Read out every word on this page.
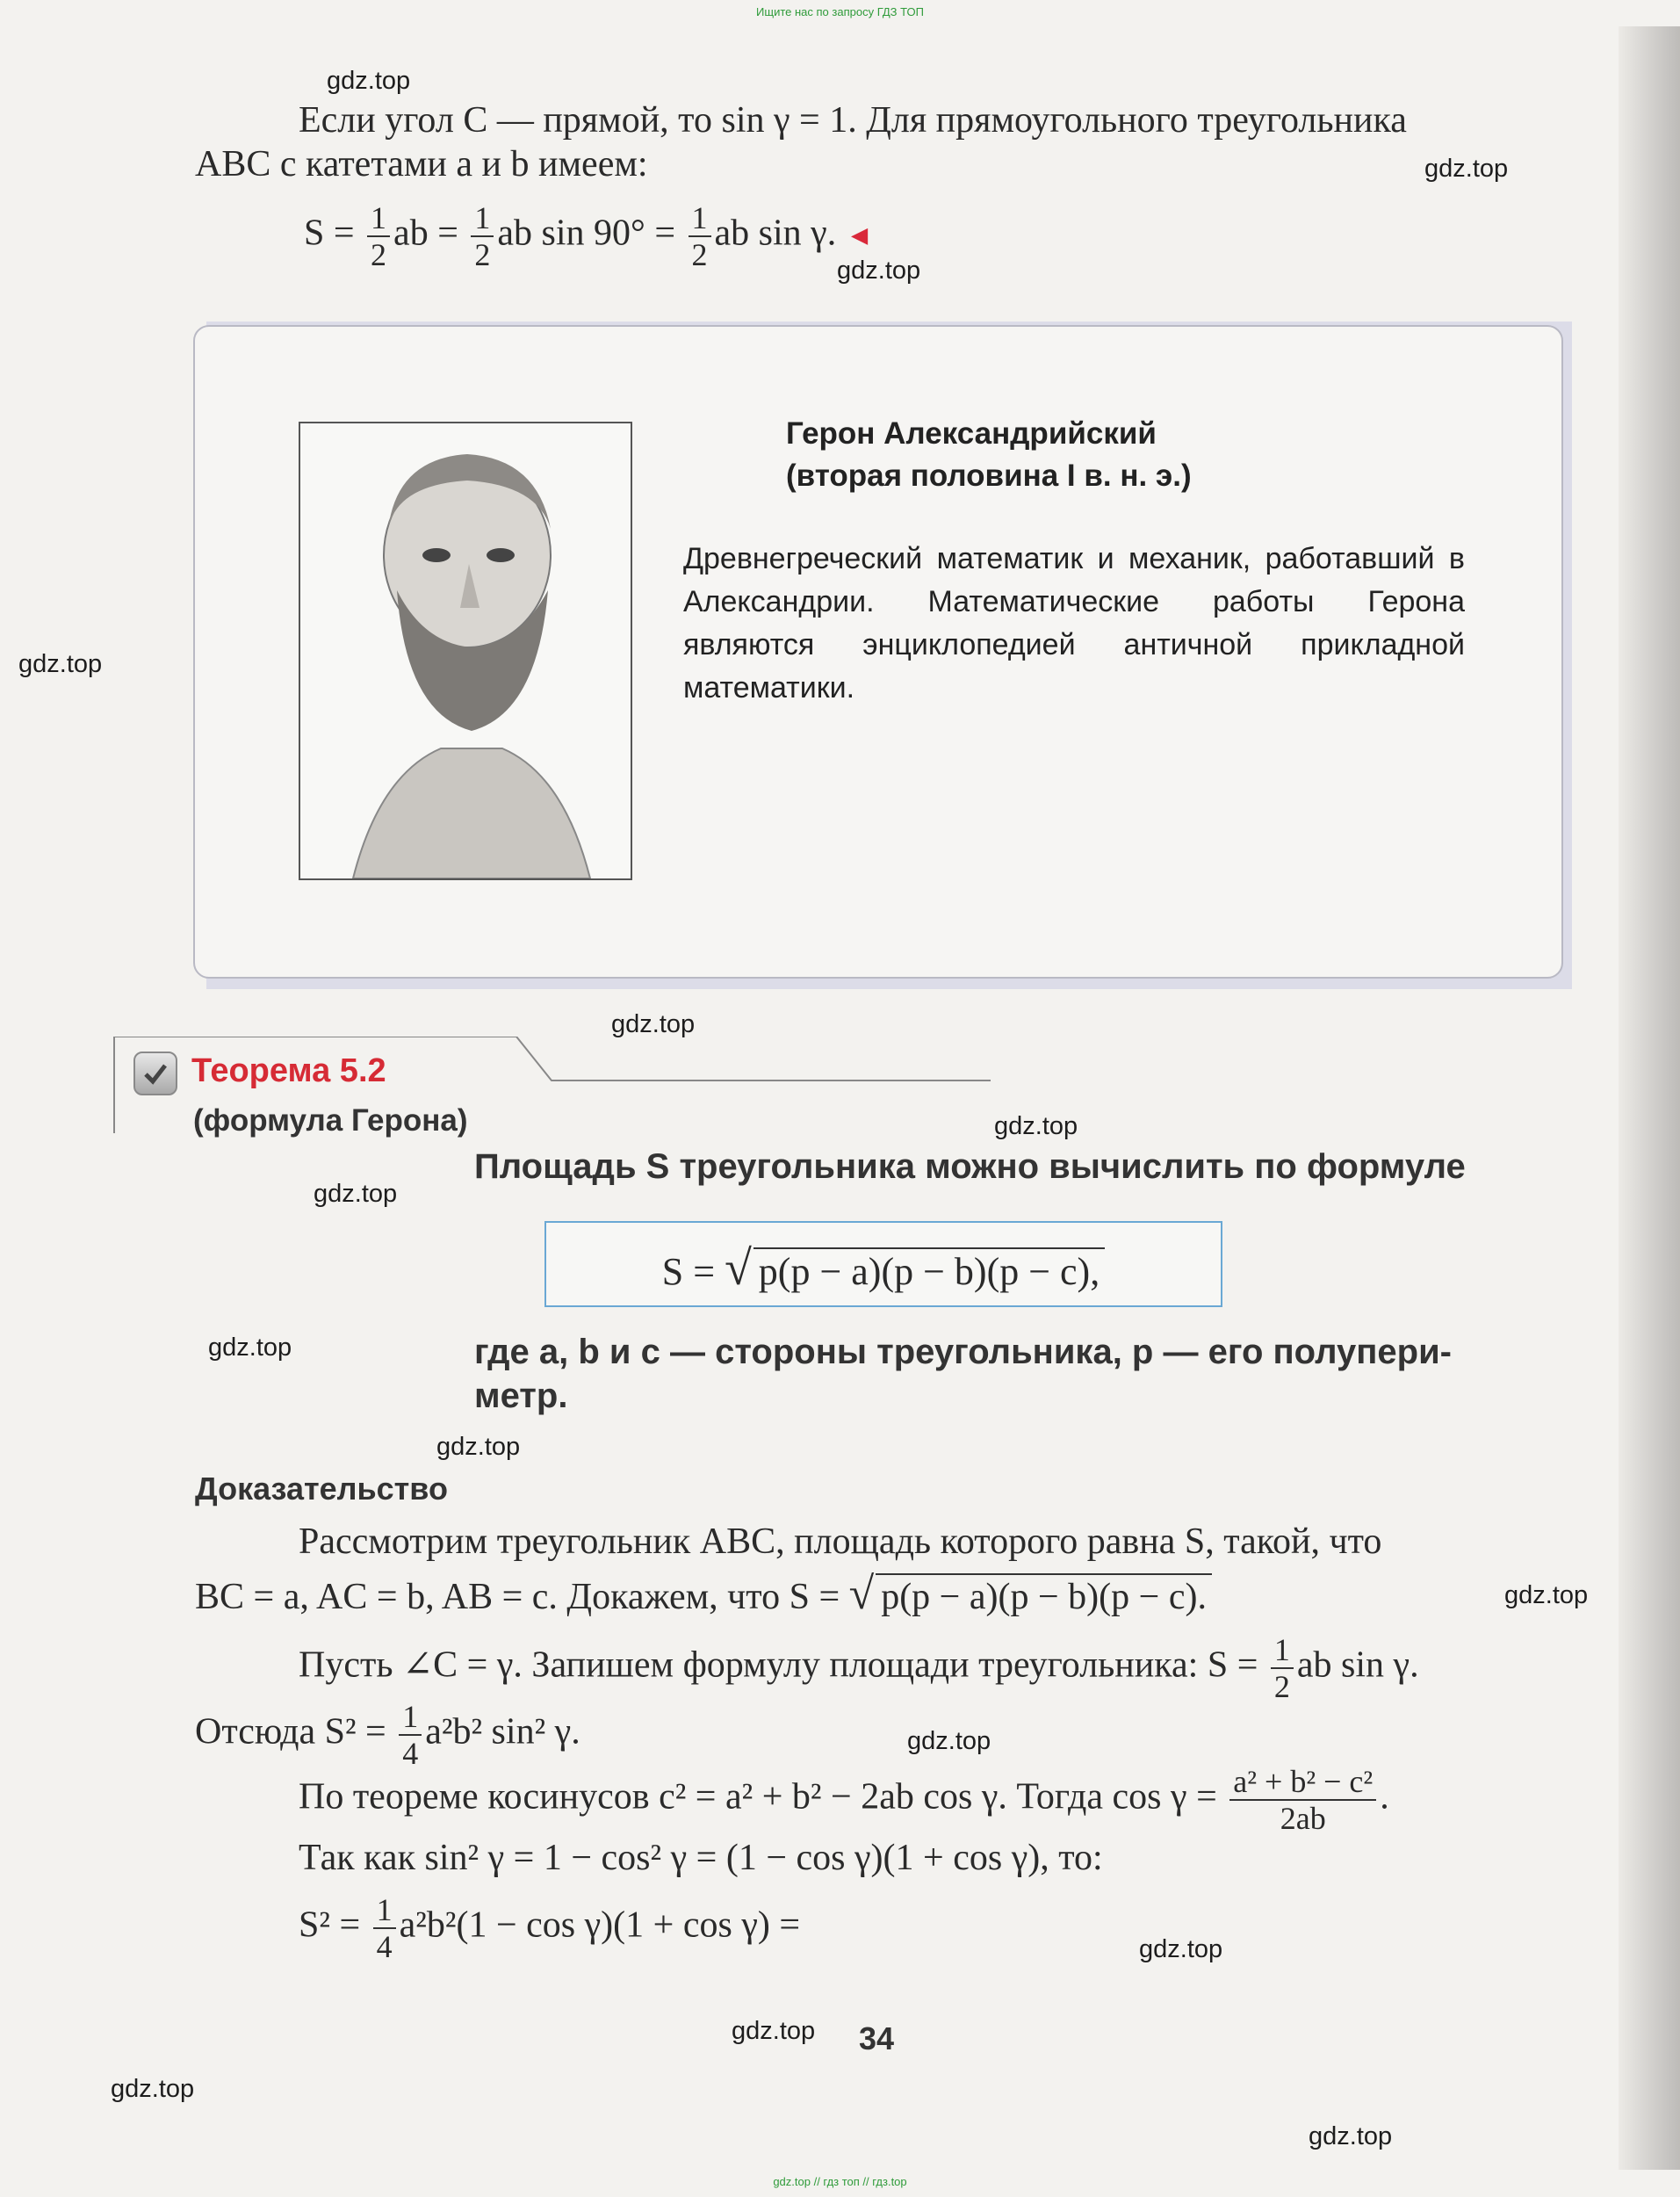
Ищите нас по запросу ГДЗ ТОП
gdz.top
gdz.top
gdz.top
gdz.top
gdz.top
gdz.top
gdz.top
gdz.top
gdz.top
gdz.top
gdz.top
gdz.top
gdz.top
gdz.top
gdz.top
Если угол C — прямой, то sin γ = 1. Для прямоугольного треугольника
ABC с катетами a и b имеем:
$S = \frac{1}{2}$ ab = $\frac{1}{2}$ ab $\sin 90^\circ = \frac{1}{2}$ ab sin γ. ◄
Герон Александрийский
(вторая половина I в. н. э.)
Древнегреческий математик и механик, работавший в Александрии. Математические работы Герона являются энциклопедией античной прикладной математики.
Теорема 5.2
(формула Герона)
Площадь S треугольника можно вычислить по формуле
S = √ p(p − a)(p − b)(p − c),
где a, b и c — стороны треугольника, p — его полупери-
метр.
Доказательство
Рассмотрим треугольник ABC, площадь которого равна S, такой, что
BC = a, AC = b, AB = c. Докажем, что S = √ p(p − a)(p − b)(p − c).
Пусть ∠C = γ. Запишем формулу площади треугольника: $S = \frac{1}{2}$ ab sin γ.
Отсюда $S^2 = \frac{1}{4} a^2b^2$ sin² γ.
По теореме косинусов c² = a² + b² − 2ab cos γ. Тогда $\cos \gamma = \frac{\text{a² + b² − c²}}{2ab}$ .
Так как sin² γ = 1 − cos² γ = (1 − cos γ)(1 + cos γ), то:
$S^2 = \frac{1}{4} a^2b^2(1 - \cos \gamma)(1 + \cos \gamma)$ =
34
gdz.top // гдз топ // гдз.top
